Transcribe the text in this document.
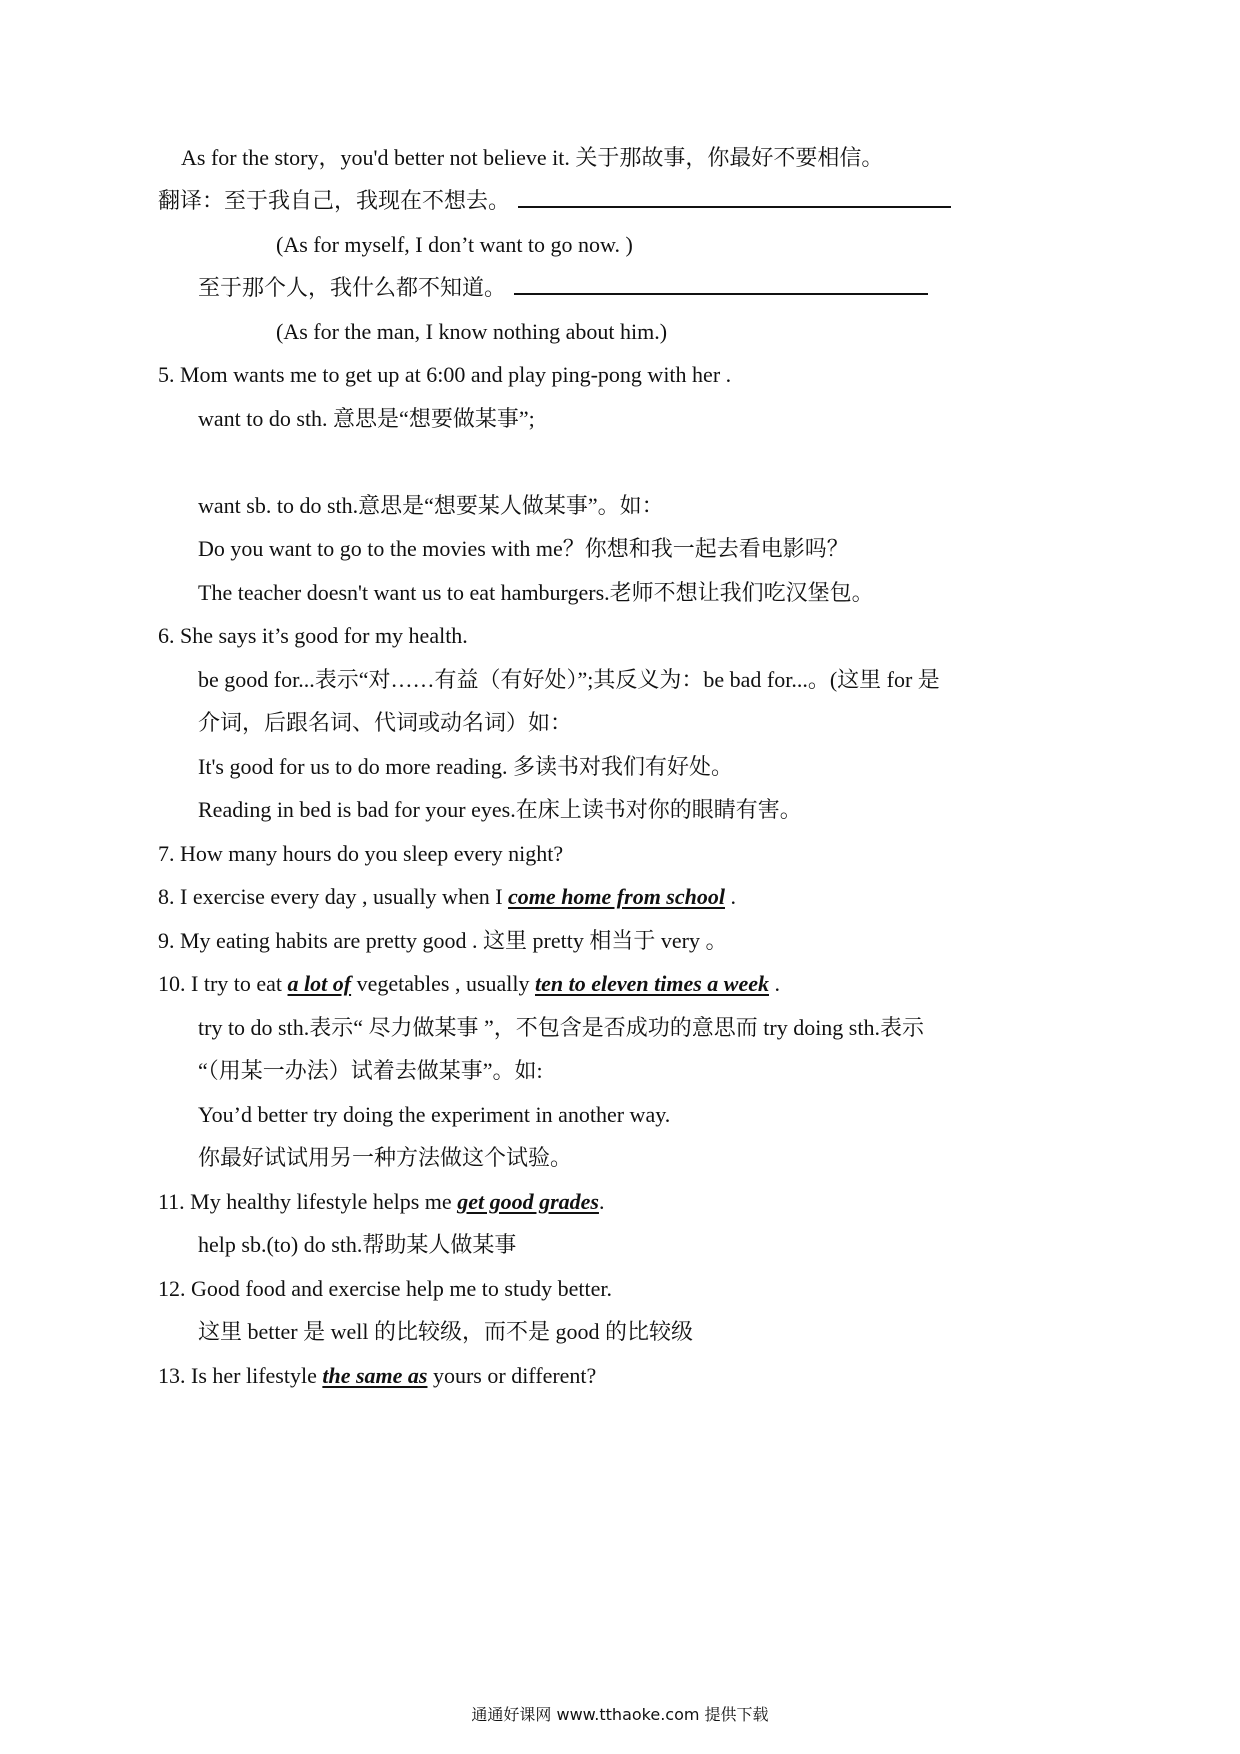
As for the story，you'd better not believe it. 关于那故事，你最好不要相信。
翻译：至于我自己，我现在不想去。
(As for myself, I don’t want to go now. )
至于那个人，我什么都不知道。
(As for the man, I know nothing about him.)
5. Mom wants me to get up at 6:00 and play ping-pong with her .
want to do sth. 意思是“想要做某事”;
want sb. to do sth.意思是“想要某人做某事”。如：
Do you want to go to the movies with me？你想和我一起去看电影吗？
The teacher doesn't want us to eat hamburgers.老师不想让我们吃汉堡包。
6. She says it’s good for my health.
be good for...表示“对……有益（有好处）”;其反义为：be bad for...。(这里 for 是
介词，后跟名词、代词或动名词）如：
It's good for us to do more reading. 多读书对我们有好处。
Reading in bed is bad for your eyes.在床上读书对你的眼睛有害。
7. How many hours do you sleep every night?
8. I exercise every day , usually when I come home from school .
9. My eating habits are pretty good . 这里 pretty 相当于 very 。
10. I try to eat a lot of vegetables , usually ten to eleven times a week .
try to do sth.表示“ 尽力做某事 ”，不包含是否成功的意思而 try doing sth.表示
“（用某一办法）试着去做某事”。如:
You’d better try doing the experiment in another way.
你最好试试用另一种方法做这个试验。
11. My healthy lifestyle helps me get good grades.
help sb.(to) do sth.帮助某人做某事
12. Good food and exercise help me to study better.
这里 better 是 well 的比较级，而不是 good 的比较级
13. Is her lifestyle the same as yours or different?
通通好课网 www.tthaoke.com 提供下载
